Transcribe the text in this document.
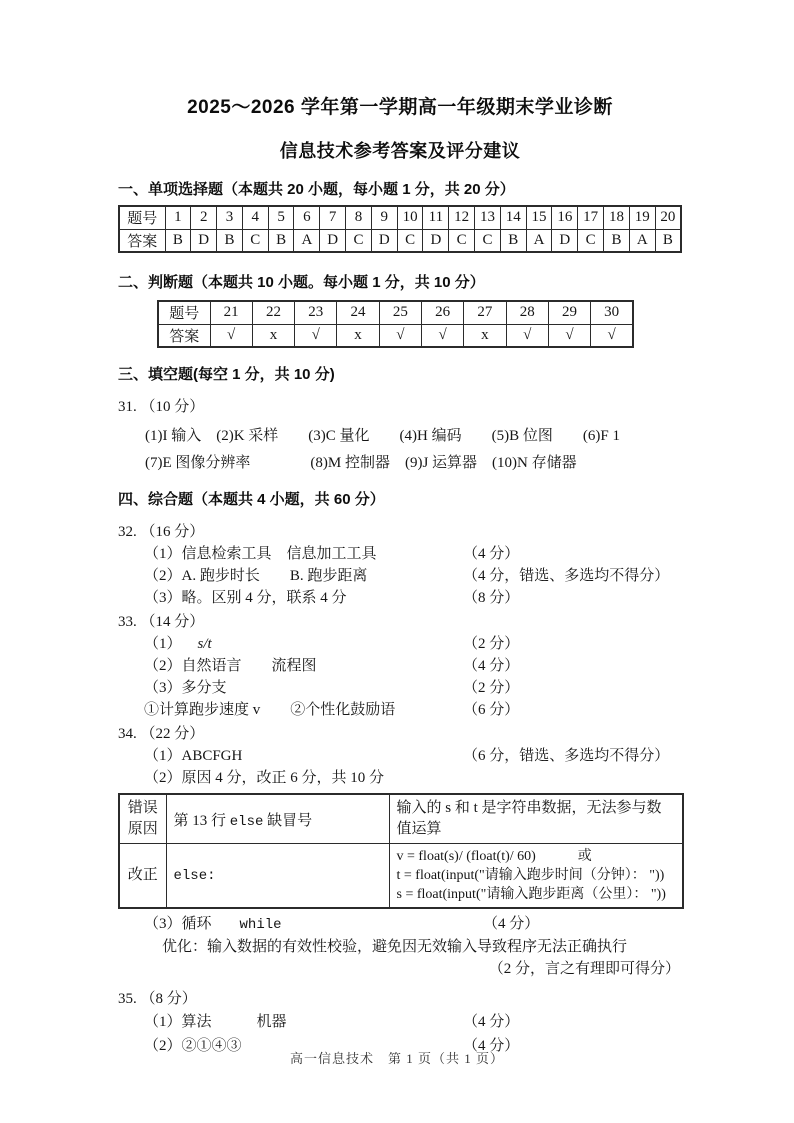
2025～2026 学年第一学期高一年级期末学业诊断
信息技术参考答案及评分建议
一、单项选择题（本题共 20 小题，每小题 1 分，共 20 分）
题号	1	2	3	4	5	6	7	8	9	10	11	12	13	14	15	16	17	18	19	20
答案	B	D	B	C	B	A	D	C	D	C	D	C	C	B	A	D	C	B	A	B
二、判断题（本题共 10 小题。每小题 1 分，共 10 分）
题号	21	22	23	24	25	26	27	28	29	30
答案	√	x	√	x	√	√	x	√	√	√
三、填空题(每空 1 分，共 10 分)
31. （10 分）
(1)I 输入　(2)K 采样　　(3)C 量化　　(4)H 编码　　(5)B 位图　　(6)F 1
(7)E 图像分辨率　　　　(8)M 控制器　(9)J 运算器　(10)N 存储器
四、综合题（本题共 4 小题，共 60 分）
32. （16 分）
（1）信息检索工具　信息加工工具	（4 分）
（2）A. 跑步时长　　B. 跑步距离	（4 分，错选、多选均不得分）
（3）略。区别 4 分，联系 4 分	（8 分）
33. （14 分）
（1） s/t	（2 分）
（2）自然语言　　流程图	（4 分）
（3）多分支	（2 分）
①计算跑步速度 v　　②个性化鼓励语	（6 分）
34. （22 分）
（1）ABCFGH	（6 分，错选、多选均不得分）
（2）原因 4 分，改正 6 分，共 10 分
错误原因	第 13 行 else 缺冒号	输入的 s 和 t 是字符串数据，无法参与数值运算
改正	else:	v = float(s)/ (float(t)/ 60)　　　或
t = float(input("请输入跑步时间（分钟）： "))
s = float(input("请输入跑步距离（公里）： "))
（3）循环 while	（4 分）
优化：输入数据的有效性校验，避免因无效输入导致程序无法正确执行
（2 分，言之有理即可得分）
35. （8 分）
（1）算法　　　机器	（4 分）
（2）②①④③	（4 分）
高一信息技术　第 1 页（共 1 页）
